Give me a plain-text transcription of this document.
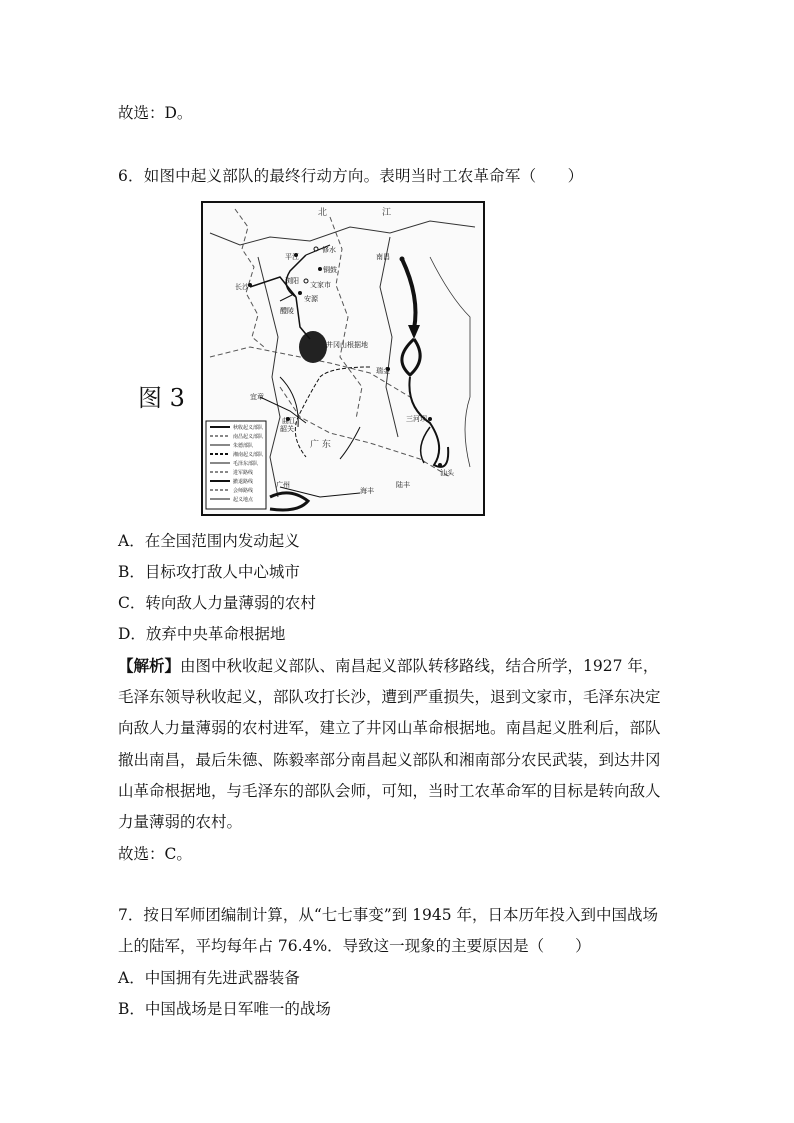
故选：D。
6．如图中起义部队的最终行动方向。表明当时工农革命军（　　）
图 3
北	江
平江
修水
铜鼓
浏阳 文家市
长沙
安源
醴陵
南昌
井冈山根据地
瑞金
三河坝
汕头
韶关
曲江
宜章
广州
海丰
陆丰
广 东
秋收起义部队
南昌起义部队
朱德部队
湘南起义部队
毛泽东部队
进军路线
撤退路线
会师路线
起义地点
A．在全国范围内发动起义
B．目标攻打敌人中心城市
C．转向敌人力量薄弱的农村
D．放弃中央革命根据地
【解析】由图中秋收起义部队、南昌起义部队转移路线，结合所学，1927 年，
毛泽东领导秋收起义，部队攻打长沙，遭到严重损失，退到文家市，毛泽东决定
向敌人力量薄弱的农村进军，建立了井冈山革命根据地。南昌起义胜利后，部队
撤出南昌，最后朱德、陈毅率部分南昌起义部队和湘南部分农民武装，到达井冈
山革命根据地，与毛泽东的部队会师，可知，当时工农革命军的目标是转向敌人
力量薄弱的农村。
故选：C。
7．按日军师团编制计算，从“七七事变”到 1945 年，日本历年投入到中国战场
上的陆军，平均每年占 76.4%．导致这一现象的主要原因是（　　）
A．中国拥有先进武器装备
B．中国战场是日军唯一的战场
